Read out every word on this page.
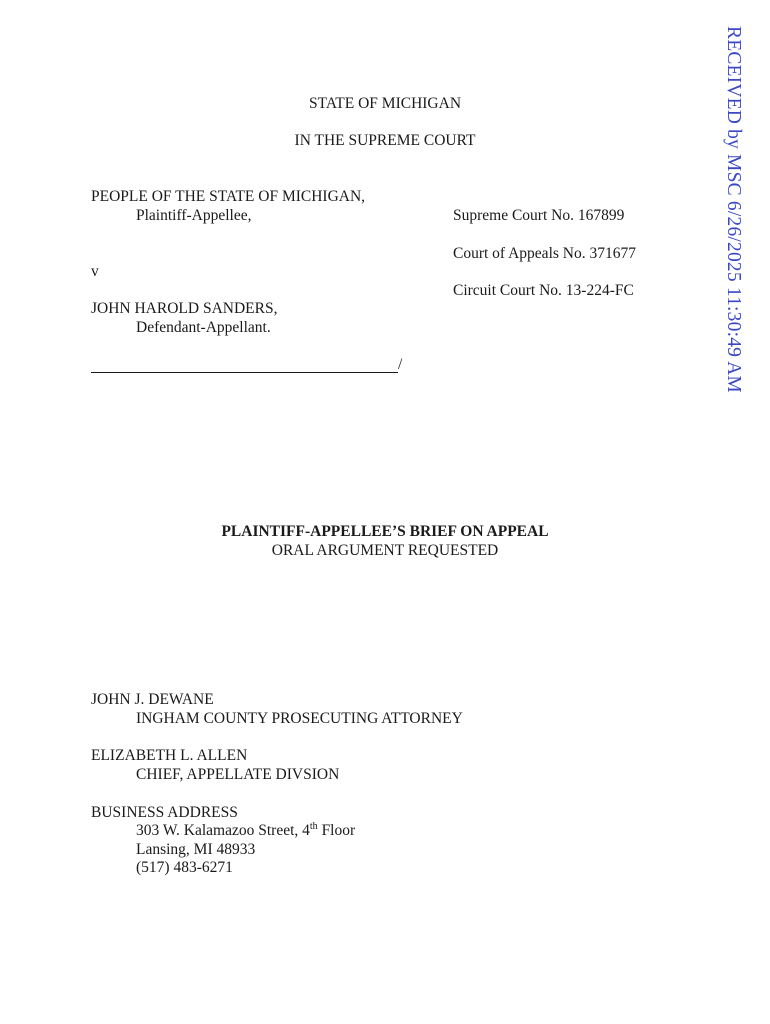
RECEIVED by MSC 6/26/2025 11:30:49 AM
STATE OF MICHIGAN
IN THE SUPREME COURT
PEOPLE OF THE STATE OF MICHIGAN,
Plaintiff-Appellee,	Supreme Court No. 167899
Court of Appeals No. 371677
Circuit Court No. 13-224-FC
v
JOHN HAROLD SANDERS,
Defendant-Appellant.
/
PLAINTIFF-APPELLEE’S BRIEF ON APPEAL
ORAL ARGUMENT REQUESTED
JOHN J. DEWANE
INGHAM COUNTY PROSECUTING ATTORNEY
ELIZABETH L. ALLEN
CHIEF, APPELLATE DIVSION
BUSINESS ADDRESS
303 W. Kalamazoo Street, 4th Floor
Lansing, MI 48933
(517) 483-6271
